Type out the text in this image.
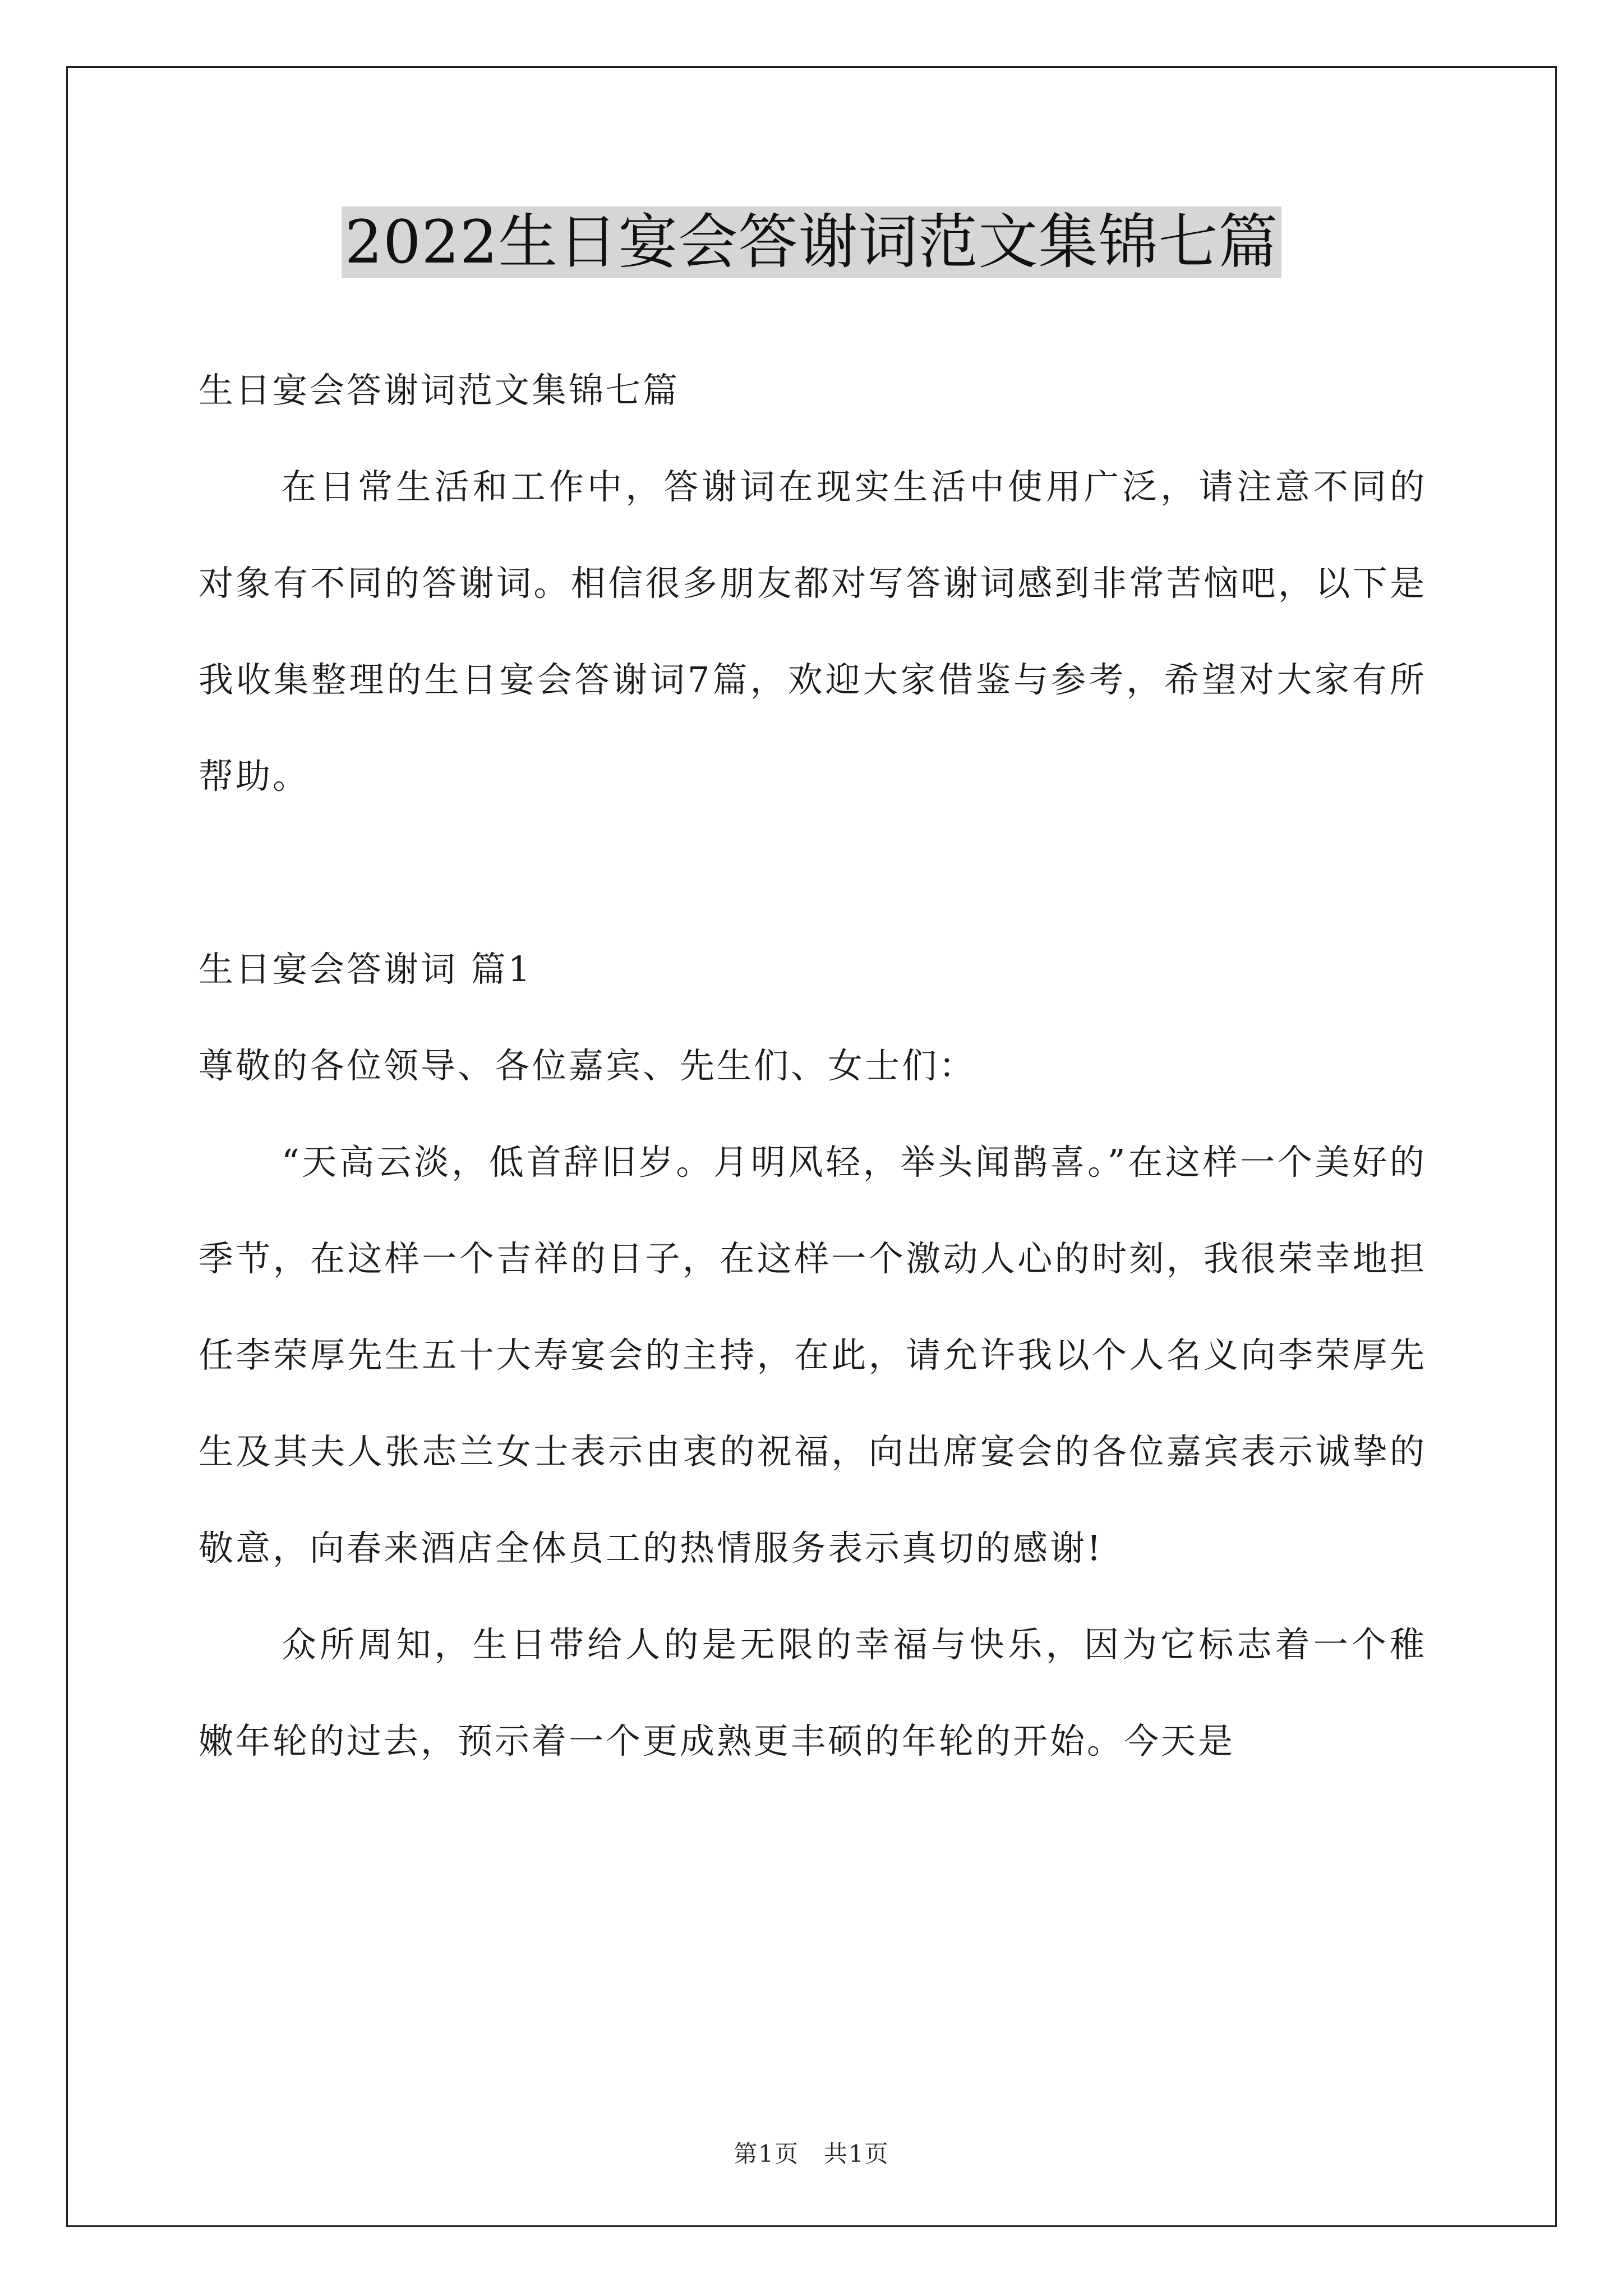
2022生日宴会答谢词范文集锦七篇

生日宴会答谢词范文集锦七篇

在日常生活和工作中，答谢词在现实生活中使用广泛，请注意不同的对象有不同的答谢词。相信很多朋友都对写答谢词感到非常苦恼吧，以下是我收集整理的生日宴会答谢词7篇，欢迎大家借鉴与参考，希望对大家有所帮助。

生日宴会答谢词 篇1

尊敬的各位领导、各位嘉宾、先生们、女士们：

“天高云淡，低首辞旧岁。月明风轻，举头闻鹊喜。”在这样一个美好的季节，在这样一个吉祥的日子，在这样一个激动人心的时刻，我很荣幸地担任李荣厚先生五十大寿宴会的主持，在此，请允许我以个人名义向李荣厚先生及其夫人张志兰女士表示由衷的祝福，向出席宴会的各位嘉宾表示诚挚的敬意，向春来酒店全体员工的热情服务表示真切的感谢!

众所周知，生日带给人的是无限的幸福与快乐，因为它标志着一个稚嫩年轮的过去，预示着一个更成熟更丰硕的年轮的开始。今天是

第1页 共1页
